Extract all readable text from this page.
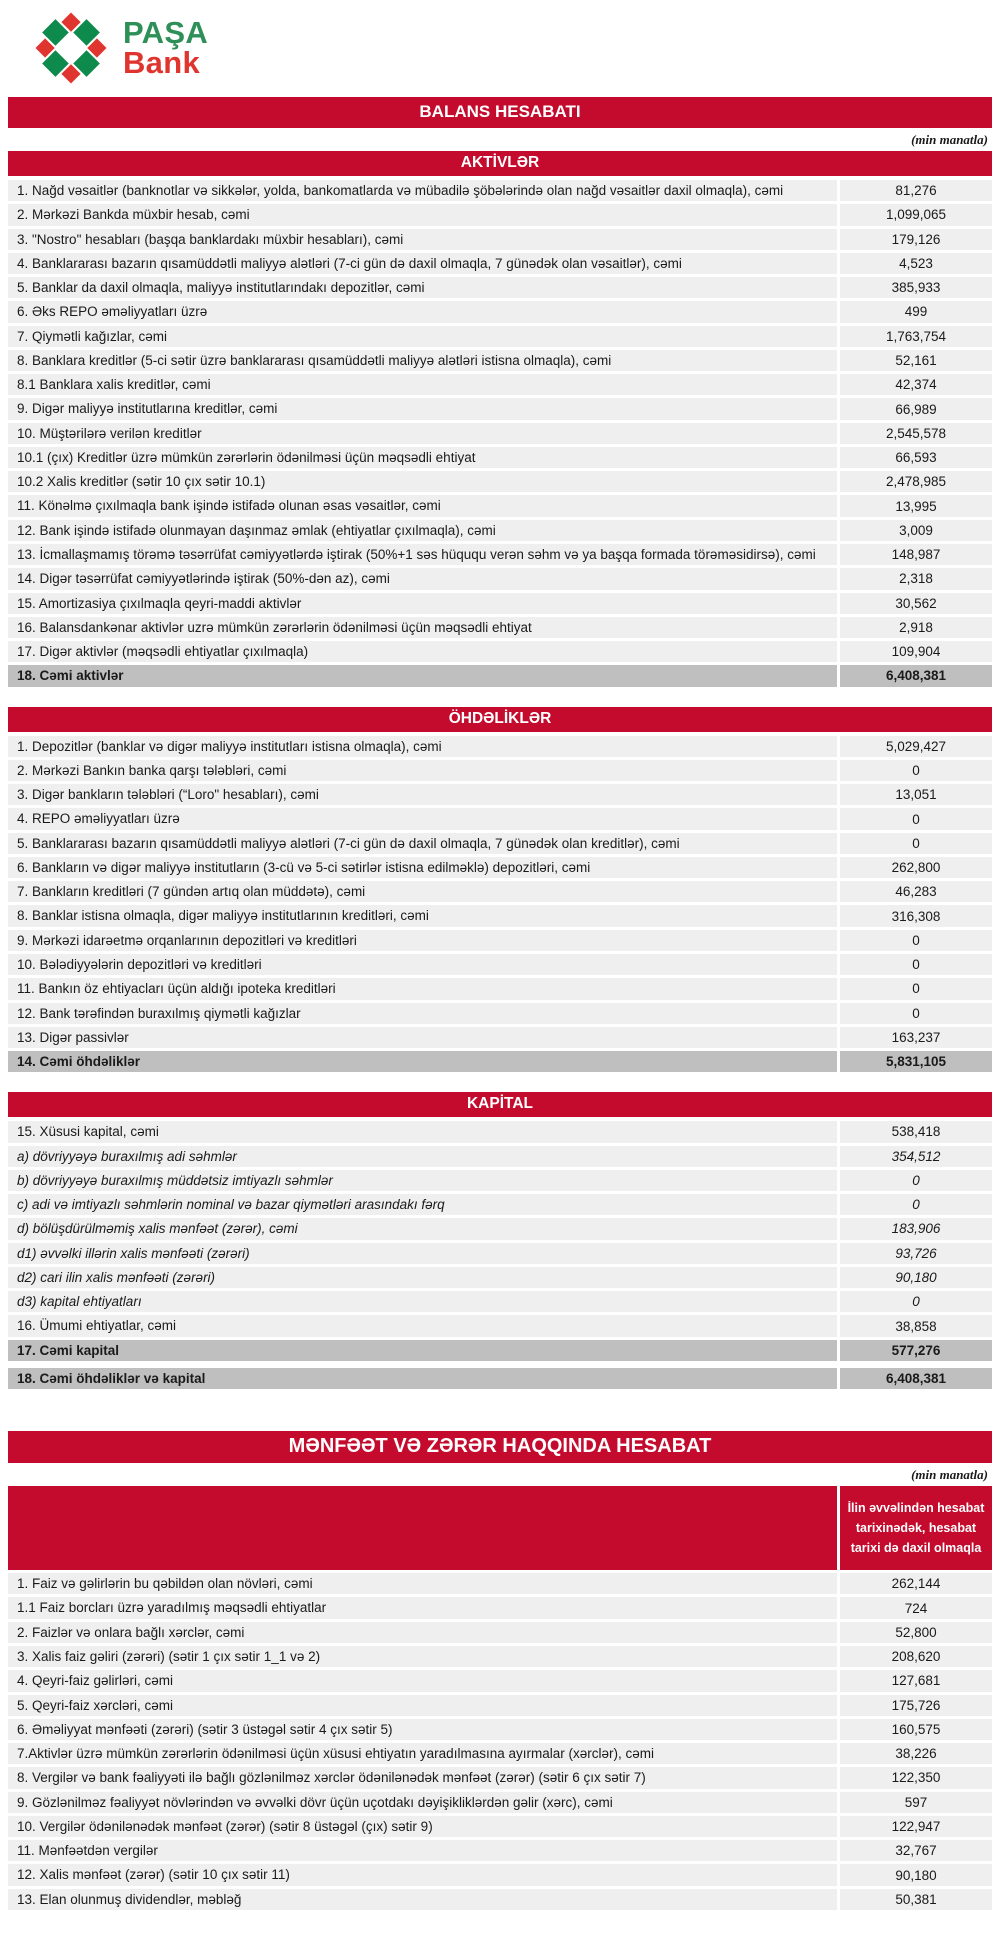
PAŞA
Bank
BALANS HESABATI
(min manatla)
AKTİVLƏR
1. Nağd vəsaitlər (banknotlar və sikkələr, yolda, bankomatlarda və mübadilə şöbələrində olan nağd vəsaitlər daxil olmaqla), cəmi	81,276
2. Mərkəzi Bankda müxbir hesab, cəmi	1,099,065
3. "Nostro" hesabları (başqa banklardakı müxbir hesabları), cəmi	179,126
4. Banklararası bazarın qısamüddətli maliyyə alətləri (7-ci gün də daxil olmaqla, 7 günədək olan vəsaitlər), cəmi	4,523
5. Banklar da daxil olmaqla, maliyyə institutlarındakı depozitlər, cəmi	385,933
6. Əks REPO əməliyyatları üzrə	499
7. Qiymətli kağızlar, cəmi	1,763,754
8. Banklara kreditlər (5-ci sətir üzrə banklararası qısamüddətli maliyyə alətləri istisna olmaqla), cəmi	52,161
8.1 Banklara xalis kreditlər, cəmi	42,374
9. Digər maliyyə institutlarına kreditlər, cəmi	66,989
10. Müştərilərə verilən kreditlər	2,545,578
10.1 (çıx) Kreditlər üzrə mümkün zərərlərin ödənilməsi üçün məqsədli ehtiyat	66,593
10.2 Xalis kreditlər (sətir 10 çıx sətir 10.1)	2,478,985
11. Könəlmə çıxılmaqla bank işində istifadə olunan əsas vəsaitlər, cəmi	13,995
12. Bank işində istifadə olunmayan daşınmaz əmlak (ehtiyatlar çıxılmaqla), cəmi	3,009
13. İcmallaşmamış törəmə təsərrüfat cəmiyyətlərdə iştirak (50%+1 səs hüququ verən səhm və ya başqa formada törəməsidirsə), cəmi	148,987
14. Digər təsərrüfat cəmiyyətlərində iştirak (50%-dən az), cəmi	2,318
15. Amortizasiya çıxılmaqla qeyri-maddi aktivlər	30,562
16. Balansdankənar aktivlər uzrə mümkün zərərlərin ödənilməsi üçün məqsədli ehtiyat	2,918
17. Digər aktivlər (məqsədli ehtiyatlar çıxılmaqla)	109,904
18. Cəmi aktivlər	6,408,381
ÖHDƏLİKLƏR
1. Depozitlər (banklar və digər maliyyə institutları istisna olmaqla), cəmi	5,029,427
2. Mərkəzi Bankın banka qarşı tələbləri, cəmi	0
3. Digər bankların tələbləri (“Loro" hesabları), cəmi	13,051
4. REPO əməliyyatları üzrə	0
5. Banklararası bazarın qısamüddətli maliyyə alətləri (7-ci gün də daxil olmaqla, 7 günədək olan kreditlər), cəmi	0
6. Bankların və digər maliyyə institutların (3-cü və 5-ci sətirlər istisna edilməklə) depozitləri, cəmi	262,800
7. Bankların kreditləri (7 gündən artıq olan müddətə), cəmi	46,283
8. Banklar istisna olmaqla, digər maliyyə institutlarının kreditləri, cəmi	316,308
9. Mərkəzi idarəetmə orqanlarının depozitləri və kreditləri	0
10. Bələdiyyələrin depozitləri və kreditləri	0
11. Bankın öz ehtiyacları üçün aldığı ipoteka kreditləri	0
12. Bank tərəfindən buraxılmış qiymətli kağızlar	0
13. Digər passivlər	163,237
14. Cəmi öhdəliklər	5,831,105
KAPİTAL
15. Xüsusi kapital, cəmi	538,418
a) dövriyyəyə buraxılmış adi səhmlər	354,512
b) dövriyyəyə buraxılmış müddətsiz imtiyazlı səhmlər	0
c) adi və imtiyazlı səhmlərin nominal və bazar qiymətləri arasındakı fərq	0
d) bölüşdürülməmiş xalis mənfəət (zərər), cəmi	183,906
d1) əvvəlki illərin xalis mənfəəti (zərəri)	93,726
d2) cari ilin xalis mənfəəti (zərəri)	90,180
d3) kapital ehtiyatları	0
16. Ümumi ehtiyatlar, cəmi	38,858
17. Cəmi kapital	577,276
18. Cəmi öhdəliklər və kapital	6,408,381
MƏNFƏƏT VƏ ZƏRƏR HAQQINDA HESABAT
(min manatla)
İlin əvvəlindən hesabat tarixinədək, hesabat tarixi də daxil olmaqla
1. Faiz və gəlirlərin bu qəbildən olan növləri, cəmi	262,144
1.1 Faiz borcları üzrə yaradılmış məqsədli ehtiyatlar	724
2. Faizlər və onlara bağlı xərclər, cəmi	52,800
3. Xalis faiz gəliri (zərəri) (sətir 1 çıx sətir 1_1 və 2)	208,620
4. Qeyri-faiz gəlirləri, cəmi	127,681
5. Qeyri-faiz xərcləri, cəmi	175,726
6. Əməliyyat mənfəəti (zərəri) (sətir 3 üstəgəl sətir 4 çıx sətir 5)	160,575
7.Aktivlər üzrə mümkün zərərlərin ödənilməsi üçün xüsusi ehtiyatın yaradılmasına ayırmalar (xərclər), cəmi	38,226
8. Vergilər və bank fəaliyyəti ilə bağlı gözlənilməz xərclər ödənilənədək mənfəət (zərər) (sətir 6 çıx sətir 7)	122,350
9. Gözlənilməz fəaliyyət növlərindən və əvvəlki dövr üçün uçotdakı dəyişikliklərdən gəlir (xərc), cəmi	597
10. Vergilər ödənilənədək mənfəət (zərər) (sətir 8 üstəgəl (çıx) sətir 9)	122,947
11. Mənfəətdən vergilər	32,767
12. Xalis mənfəət (zərər) (sətir 10 çıx sətir 11)	90,180
13. Elan olunmuş dividendlər, məbləğ	50,381
